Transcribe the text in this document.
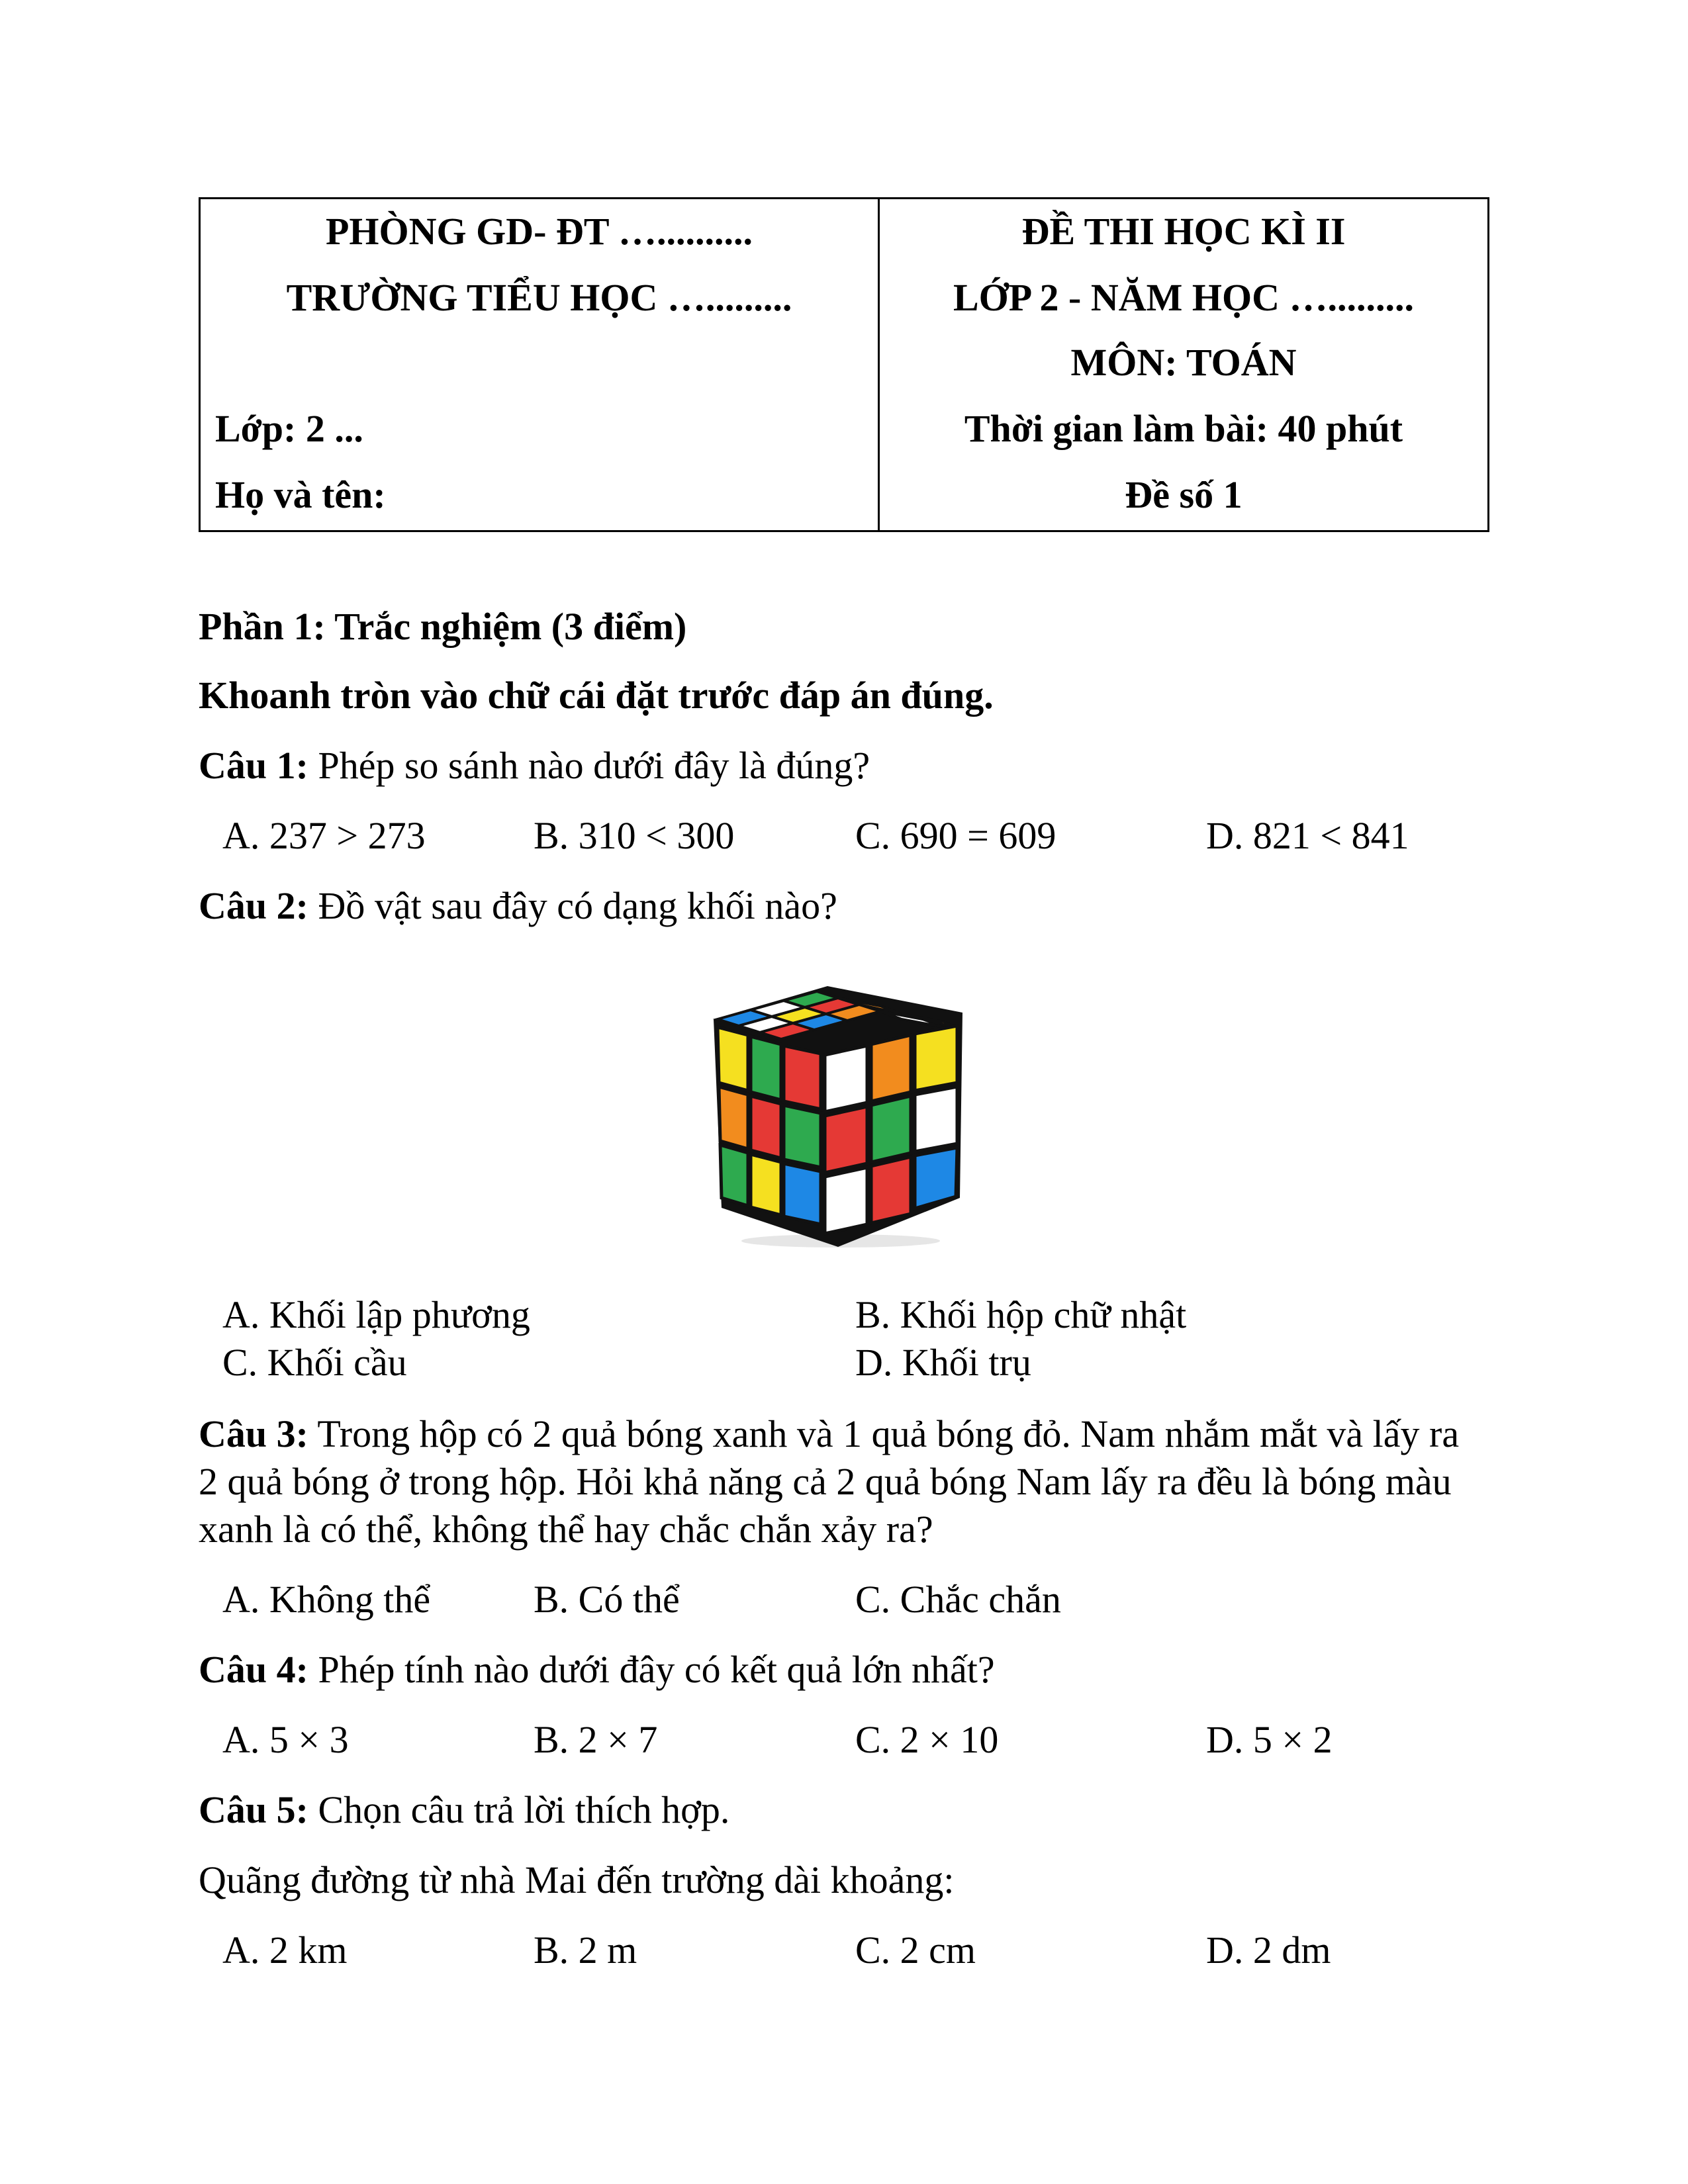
PHÒNG GD- ĐT …..........
TRƯỜNG TIỂU HỌC ….........
Lớp: 2 ...
Họ và tên:
ĐỀ THI HỌC KÌ II
LỚP 2 - NĂM HỌC ….........
MÔN: TOÁN
Thời gian làm bài: 40 phút
Đề số 1
Phần 1: Trắc nghiệm (3 điểm)
Khoanh tròn vào chữ cái đặt trước đáp án đúng.
Câu 1: Phép so sánh nào dưới đây là đúng?
A. 237 > 273	B. 310 < 300	C. 690 = 609	D. 821 < 841
Câu 2: Đồ vật sau đây có dạng khối nào?
A. Khối lập phương	B. Khối hộp chữ nhật
C. Khối cầu	D. Khối trụ
Câu 3: Trong hộp có 2 quả bóng xanh và 1 quả bóng đỏ. Nam nhắm mắt và lấy ra
2 quả bóng ở trong hộp. Hỏi khả năng cả 2 quả bóng Nam lấy ra đều là bóng màu
xanh là có thể, không thể hay chắc chắn xảy ra?
A. Không thể	B. Có thể	C. Chắc chắn
Câu 4: Phép tính nào dưới đây có kết quả lớn nhất?
A. 5 × 3	B. 2 × 7	C. 2 × 10	D. 5 × 2
Câu 5: Chọn câu trả lời thích hợp.
Quãng đường từ nhà Mai đến trường dài khoảng:
A. 2 km	B. 2 m	C. 2 cm	D. 2 dm
